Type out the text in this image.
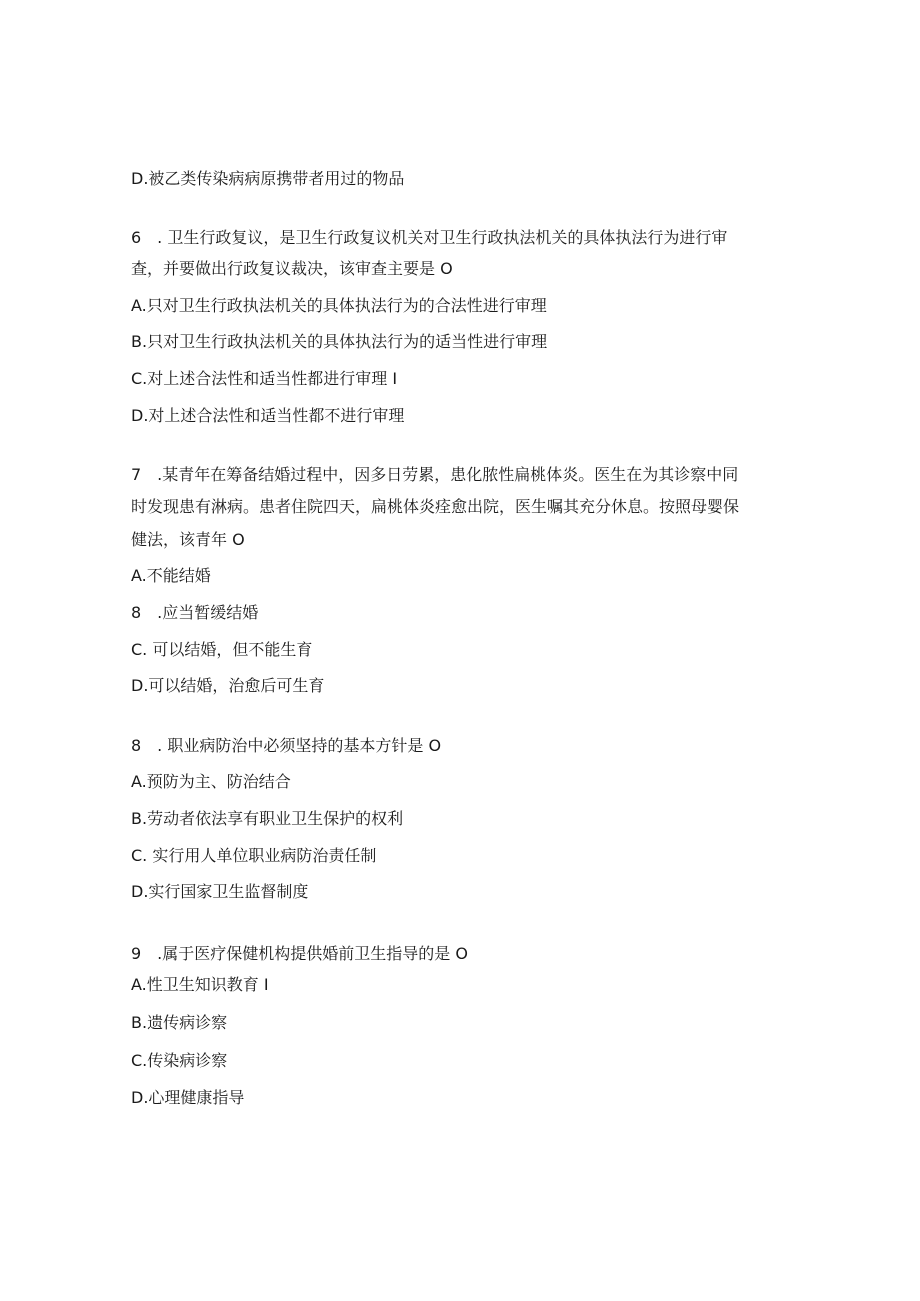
D.被乙类传染病病原携带者用过的物品
6　. 卫生行政复议，是卫生行政复议机关对卫生行政执法机关的具体执法行为进行审
查，并要做出行政复议裁决，该审查主要是 O
A.只对卫生行政执法机关的具体执法行为的合法性进行审理
B.只对卫生行政执法机关的具体执法行为的适当性进行审理
C.对上述合法性和适当性都进行审理 I
D.对上述合法性和适当性都不进行审理
7　.某青年在筹备结婚过程中，因多日劳累，患化脓性扁桃体炎。医生在为其诊察中同
时发现患有淋病。患者住院四天，扁桃体炎痊愈出院，医生嘱其充分休息。按照母婴保
健法，该青年 O
A.不能结婚
8　.应当暂缓结婚
C. 可以结婚，但不能生育
D.可以结婚，治愈后可生育
8　. 职业病防治中必须坚持的基本方针是 O
A.预防为主、防治结合
B.劳动者依法享有职业卫生保护的权利
C. 实行用人单位职业病防治责任制
D.实行国家卫生监督制度
9　.属于医疗保健机构提供婚前卫生指导的是 O
A.性卫生知识教育 I
B.遗传病诊察
C.传染病诊察
D.心理健康指导
